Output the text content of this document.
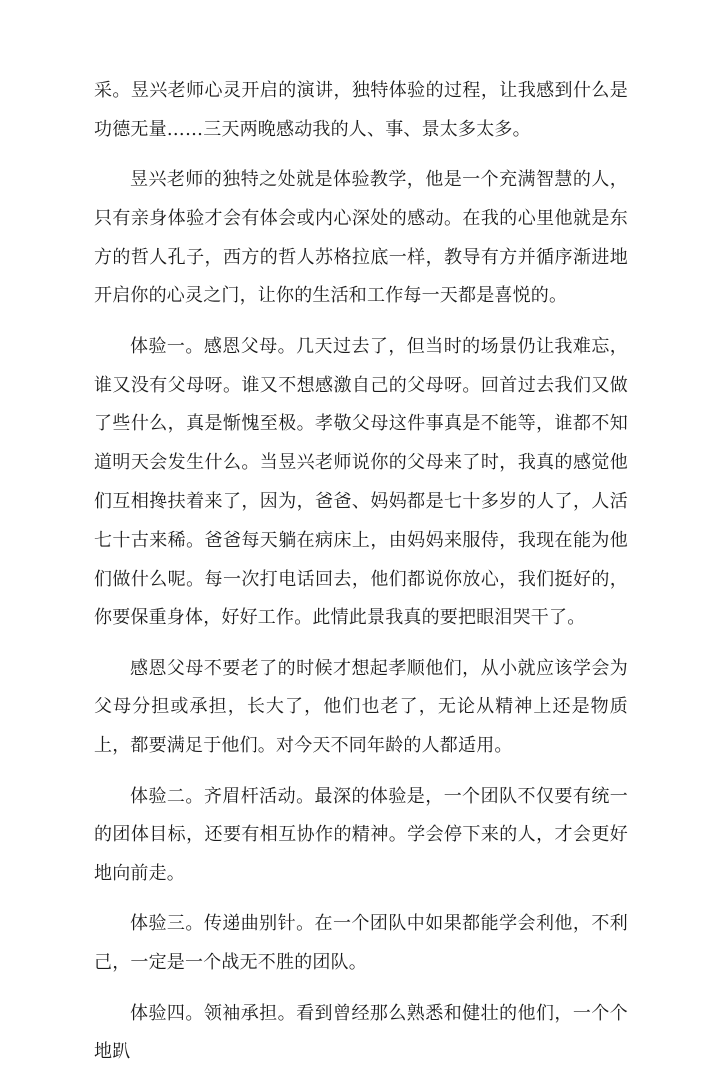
采。昱兴老师心灵开启的演讲，独特体验的过程，让我感到什么是功德无量……三天两晚感动我的人、事、景太多太多。

昱兴老师的独特之处就是体验教学，他是一个充满智慧的人，只有亲身体验才会有体会或内心深处的感动。在我的心里他就是东方的哲人孔子，西方的哲人苏格拉底一样，教导有方并循序渐进地开启你的心灵之门，让你的生活和工作每一天都是喜悦的。

体验一。感恩父母。几天过去了，但当时的场景仍让我难忘，谁又没有父母呀。谁又不想感激自己的父母呀。回首过去我们又做了些什么，真是惭愧至极。孝敬父母这件事真是不能等，谁都不知道明天会发生什么。当昱兴老师说你的父母来了时，我真的感觉他们互相搀扶着来了，因为，爸爸、妈妈都是七十多岁的人了，人活七十古来稀。爸爸每天躺在病床上，由妈妈来服侍，我现在能为他们做什么呢。每一次打电话回去，他们都说你放心，我们挺好的，你要保重身体，好好工作。此情此景我真的要把眼泪哭干了。

感恩父母不要老了的时候才想起孝顺他们，从小就应该学会为父母分担或承担，长大了，他们也老了，无论从精神上还是物质上，都要满足于他们。对今天不同年龄的人都适用。

体验二。齐眉杆活动。最深的体验是，一个团队不仅要有统一的团体目标，还要有相互协作的精神。学会停下来的人，才会更好地向前走。

体验三。传递曲别针。在一个团队中如果都能学会利他，不利己，一定是一个战无不胜的团队。

体验四。领袖承担。看到曾经那么熟悉和健壮的他们，一个个地趴
